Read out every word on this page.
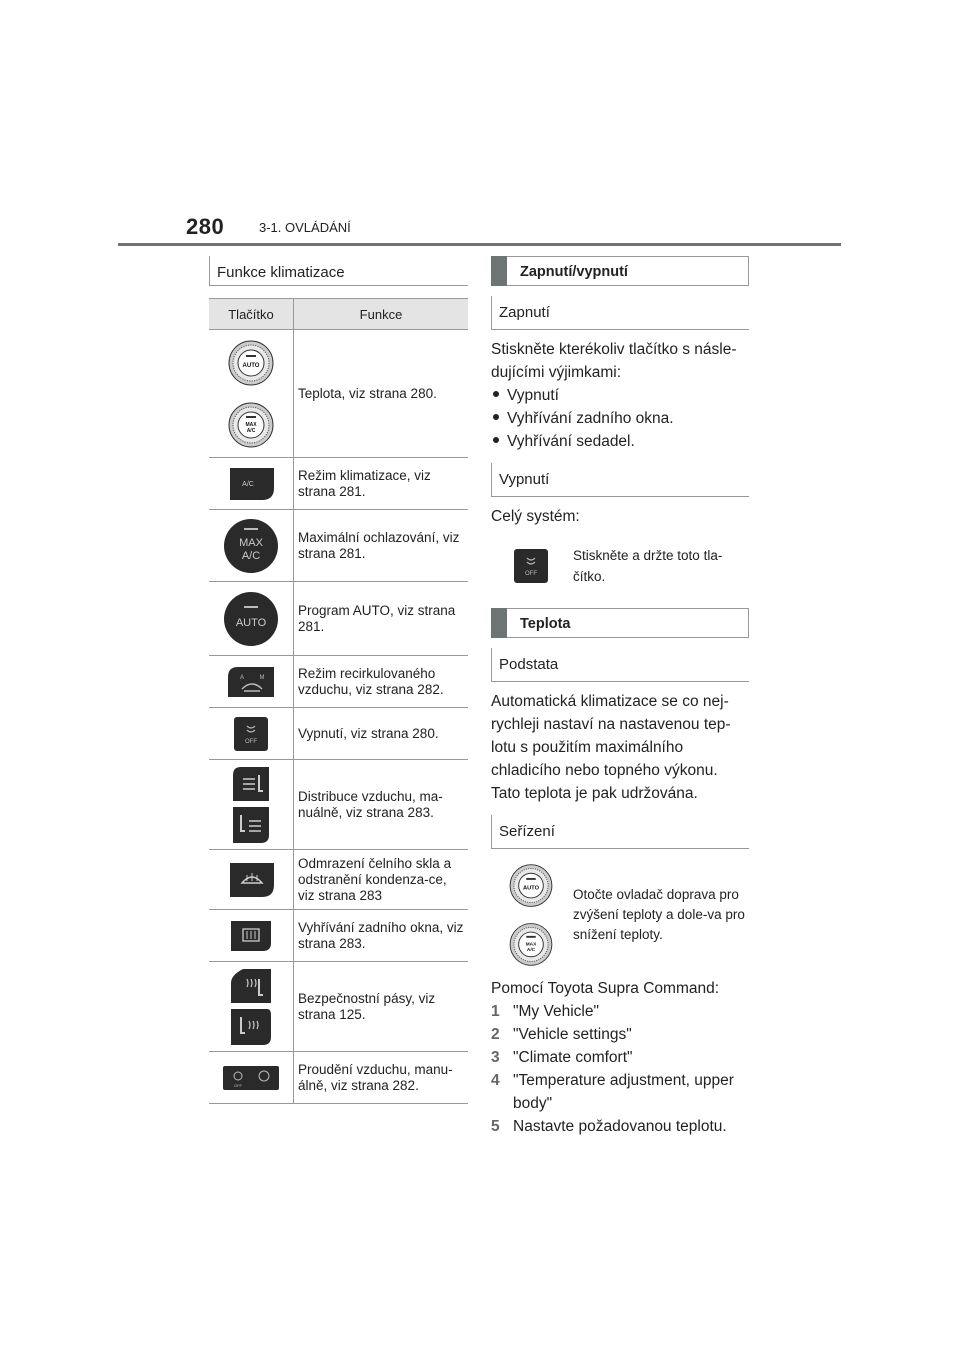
280	3-1. OVLÁDÁNÍ
Funkce klimatizace
Tlačítko	Funkce

AUTO
MAX
A/C	Teplota, viz strana 280.

A/C	Režim klimatizace, viz strana 281.

MAX
A/C	Maximální ochlazování, viz strana 281.

AUTO	Program AUTO, viz strana 281.

A M	Režim recirkulovaného vzduchu, viz strana 282.

OFF	Vypnutí, viz strana 280.

	Distribuce vzduchu, ma-nuálně, viz strana 283.

	Odmrazení čelního skla a odstranění kondenza-ce, viz strana 283

	Vyhřívání zadního okna, viz strana 283.

	Bezpečnostní pásy, viz strana 125.

OFF	Proudění vzduchu, manu-álně, viz strana 282.
Zapnutí/vypnutí
Zapnutí
Stiskněte kterékoliv tlačítko s násle-dujícími výjimkami:
Vypnutí
Vyhřívání zadního okna.
Vyhřívání sedadel.
Vypnutí
Celý systém:
OFF
Stiskněte a držte toto tla-čítko.
Teplota
Podstata
Automatická klimatizace se co nej-rychleji nastaví na nastavenou tep-lotu s použitím maximálního chladicího nebo topného výkonu. Tato teplota je pak udržována.
Seřízení
AUTO
MAX
A/C
Otočte ovladač doprava pro zvýšení teploty a dole-va pro snížení teploty.
Pomocí Toyota Supra Command:
1 "My Vehicle"
2 "Vehicle settings"
3 "Climate comfort"
4 "Temperature adjustment, upper body"
5 Nastavte požadovanou teplotu.
